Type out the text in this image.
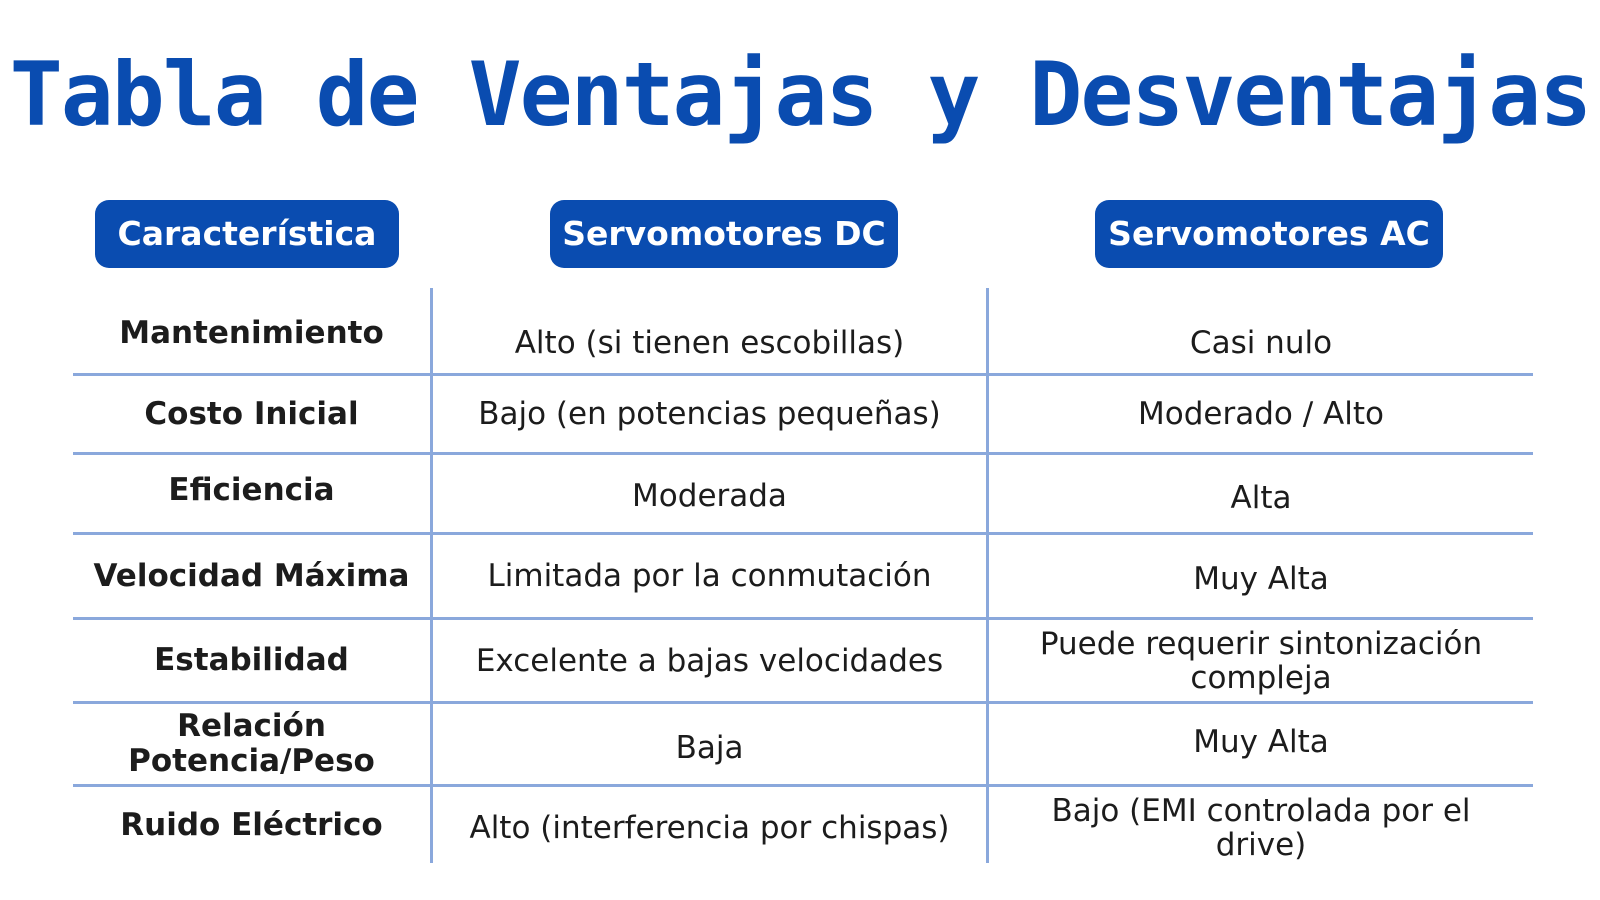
Tabla de Ventajas y Desventajas
Característica	Servomotores DC	Servomotores AC
Mantenimiento	Alto (si tienen escobillas)	Casi nulo
Costo Inicial	Bajo (en potencias pequeñas)	Moderado / Alto
Eficiencia	Moderada	Alta
Velocidad Máxima	Limitada por la conmutación	Muy Alta
Estabilidad	Excelente a bajas velocidades	Puede requerir sintonización compleja
Relación Potencia/Peso	Baja	Muy Alta
Ruido Eléctrico	Alto (interferencia por chispas)	Bajo (EMI controlada por el drive)
